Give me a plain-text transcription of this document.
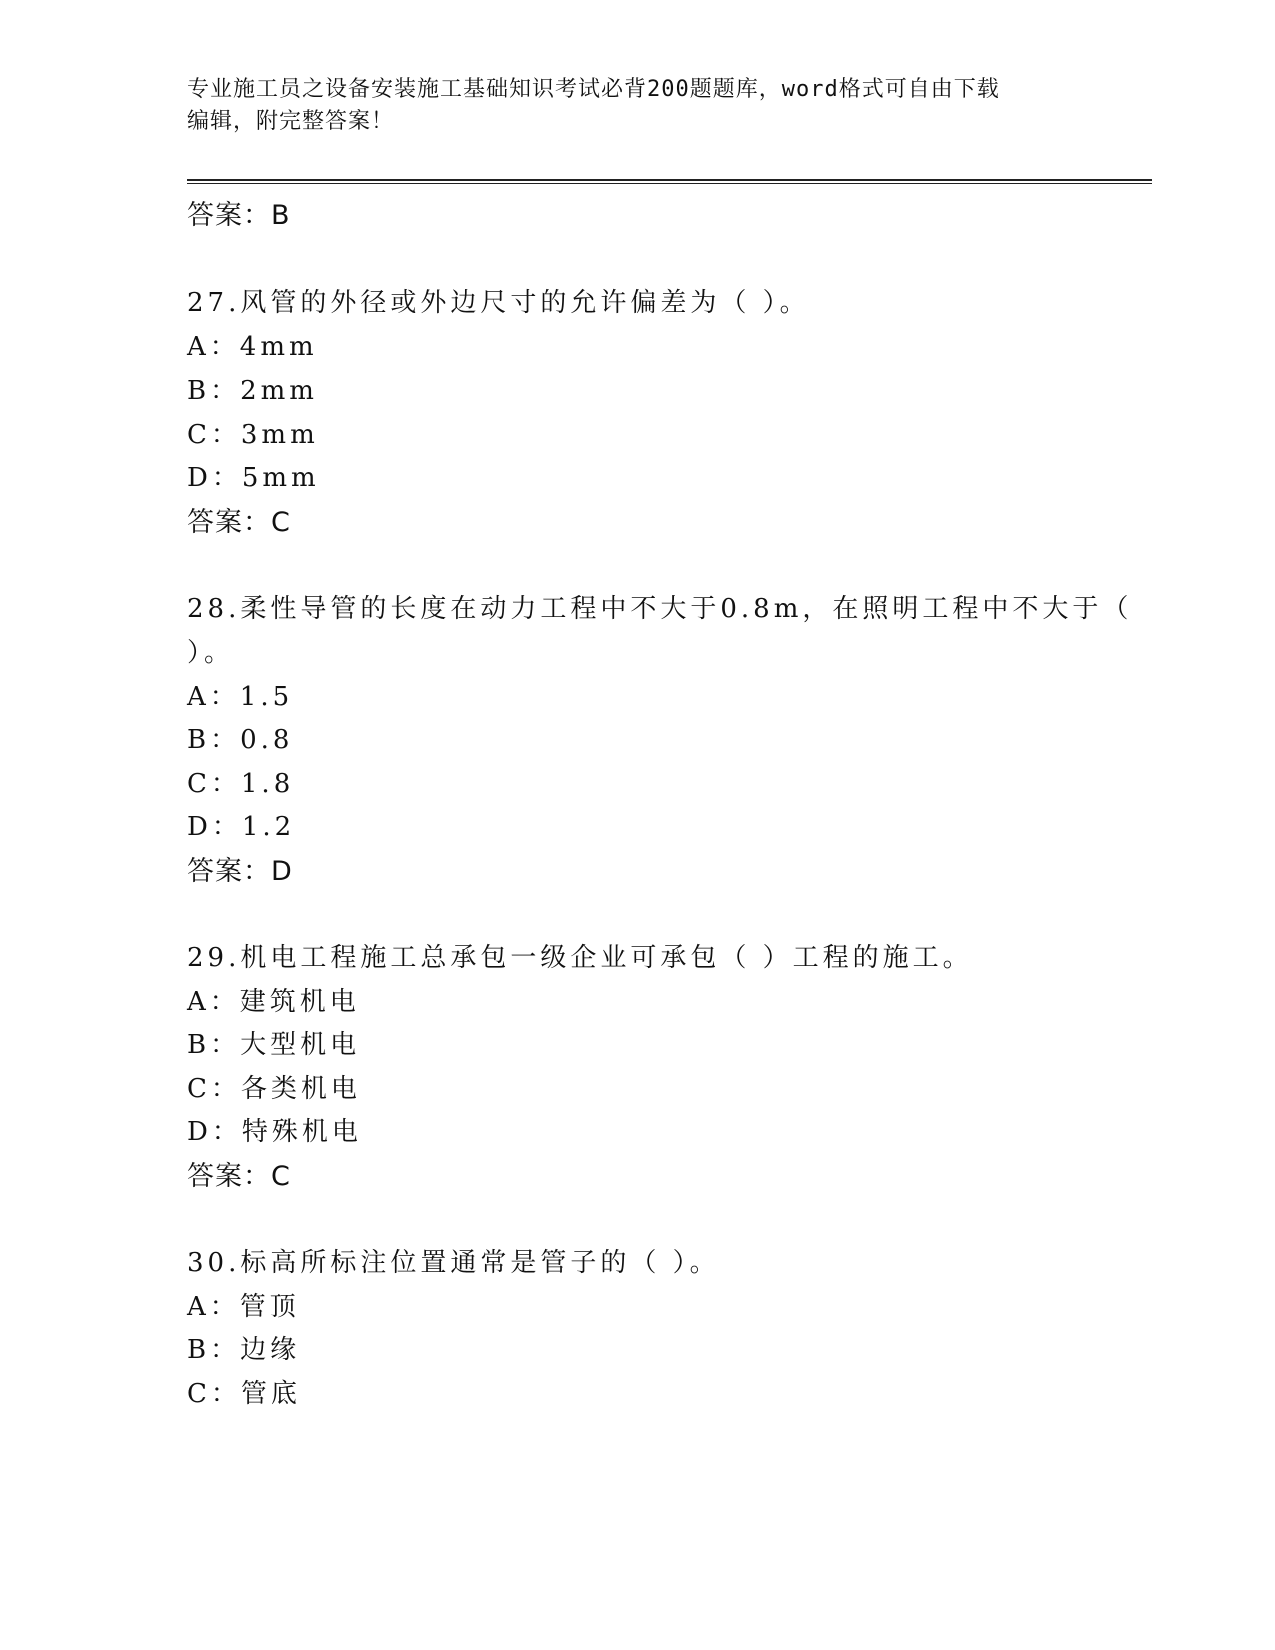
专业施工员之设备安装施工基础知识考试必背200题题库，word格式可自由下载
编辑，附完整答案！
答案：B
27.风管的外径或外边尺寸的允许偏差为（ ）。
A：4mm
B：2mm
C：3mm
D：5mm
答案：C
28.柔性导管的长度在动力工程中不大于0.8m，在照明工程中不大于（
）。
A：1.5
B：0.8
C：1.8
D：1.2
答案：D
29.机电工程施工总承包一级企业可承包（ ）工程的施工。
A：建筑机电
B：大型机电
C：各类机电
D：特殊机电
答案：C
30.标高所标注位置通常是管子的（ ）。
A：管顶
B：边缘
C：管底
